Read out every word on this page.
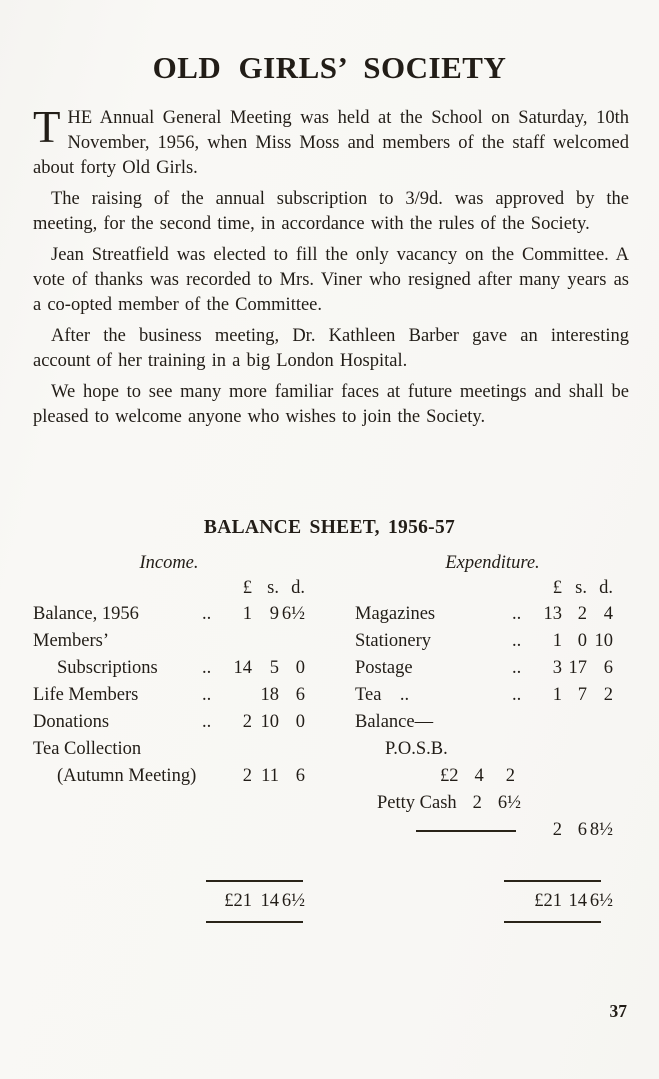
OLD GIRLS’ SOCIETY

THE Annual General Meeting was held at the School on Saturday, 10th November, 1956, when Miss Moss and members of the staff welcomed about forty Old Girls.

The raising of the annual subscription to 3/9d. was approved by the meeting, for the second time, in accordance with the rules of the Society.

Jean Streatfield was elected to fill the only vacancy on the Committee. A vote of thanks was recorded to Mrs. Viner who resigned after many years as a co-opted member of the Committee.

After the business meeting, Dr. Kathleen Barber gave an interesting account of her training in a big London Hospital.

We hope to see many more familiar faces at future meetings and shall be pleased to welcome anyone who wishes to join the Society.

BALANCE SHEET, 1956-57
Income.
£ s. d.
Balance, 1956	..	1 9 6½
Members’
Subscriptions	..	14 5 0
Life Members	..	18 6
Donations	..	2 10 0
Tea Collection
(Autumn Meeting)	2 11 6
£21 14 6½
Expenditure.
£ s. d.
Magazines	..	13 2 4
Stationery	..	1 0 10
Postage	..	3 17 6
Tea    ..	..	1 7 2
Balance—
P.O.S.B.
£2 4 2
Petty Cash 2 6½
2 6 8½
£21 14 6½
37
